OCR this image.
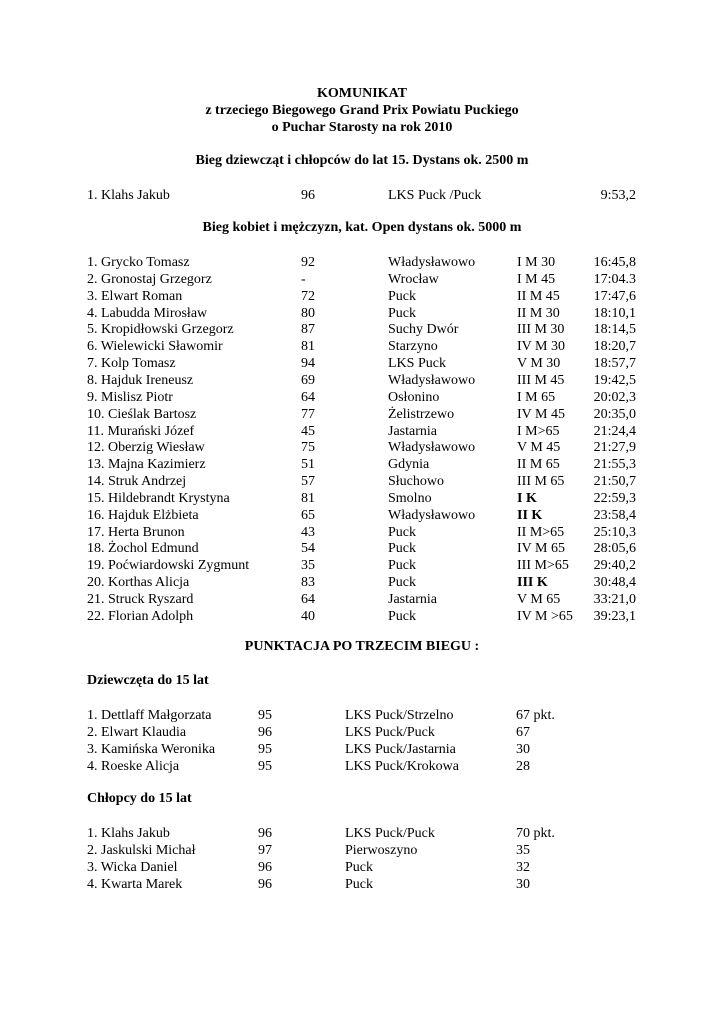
KOMUNIKAT
z trzeciego Biegowego Grand Prix Powiatu Puckiego
o Puchar Starosty na rok 2010
Bieg dziewcząt i chłopców do lat 15. Dystans ok. 2500 m
1. Klahs Jakub	96	LKS Puck /Puck	9:53,2
Bieg kobiet i mężczyzn, kat. Open dystans ok. 5000 m
1. Grycko Tomasz	92	Władysławowo	I M 30	16:45,8
2. Gronostaj Grzegorz	-	Wrocław	I M 45	17:04.3
3. Elwart Roman	72	Puck	II M 45 17:47,6
4. Labudda Mirosław	80	Puck	II M 30 18:10,1
5. Kropidłowski Grzegorz	87	Suchy Dwór	III M 30 18:14,5
6. Wielewicki Sławomir	81	Starzyno	IV M 30 18:20,7
7. Kolp Tomasz	94	LKS Puck	V M 30 18:57,7
8. Hajduk Ireneusz	69	Władysławowo	III M 45 19:42,5
9. Mislisz Piotr	64	Osłonino	I M 65	20:02,3
10. Cieślak Bartosz	77	Żelistrzewo	IV M 45 20:35,0
11. Murański Józef	45	Jastarnia	I M>65 21:24,4
12. Oberzig Wiesław	75	Władysławowo	V M 45 21:27,9
13. Majna Kazimierz	51	Gdynia	II M 65 21:55,3
14. Struk Andrzej	57	Słuchowo	III M 65 21:50,7
15. Hildebrandt Krystyna	81	Smolno	I K	22:59,3
16. Hajduk Elżbieta	65	Władysławowo	II K	23:58,4
17. Herta Brunon	43	Puck	II M>65 25:10,3
18. Żochol Edmund	54	Puck	IV M 65 28:05,6
19. Poćwiardowski Zygmunt	35	Puck	III M>65 29:40,2
20. Korthas Alicja	83	Puck	III K	30:48,4
21. Struck Ryszard	64	Jastarnia	V M 65 33:21,0
22. Florian Adolph	40	Puck	IV M >65 39:23,1
PUNKTACJA PO TRZECIM BIEGU :
Dziewczęta do 15 lat
1. Dettlaff Małgorzata	95	LKS Puck/Strzelno	67 pkt.
2. Elwart Klaudia	96	LKS Puck/Puck	67
3. Kamińska Weronika	95	LKS Puck/Jastarnia	30
4. Roeske Alicja	95	LKS Puck/Krokowa	28
Chłopcy do 15 lat
1. Klahs Jakub	96	LKS Puck/Puck	70 pkt.
2. Jaskulski Michał	97	Pierwoszyno	35
3. Wicka Daniel	96	Puck	32
4. Kwarta Marek	96	Puck	30
